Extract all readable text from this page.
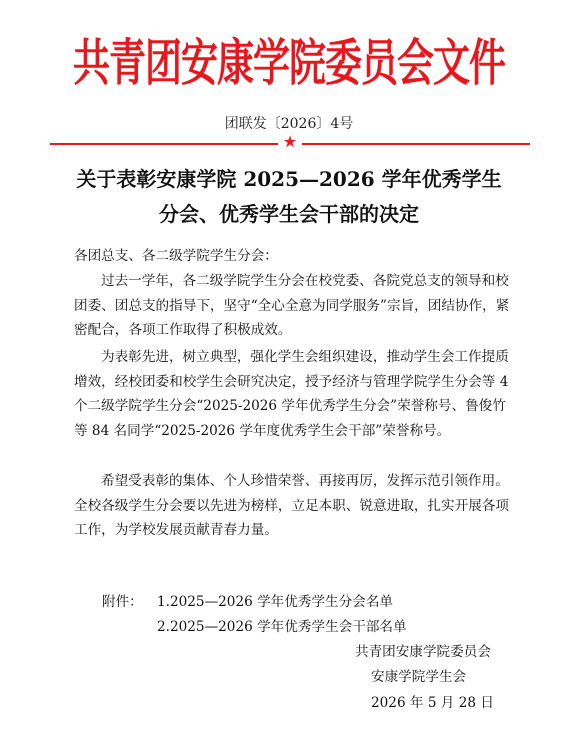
共青团安康学院委员会文件
团联发〔2026〕4号
★
关于表彰安康学院 2025—2026 学年优秀学生
分会、优秀学生会干部的决定
各团总支、各二级学院学生分会：
过去一学年，各二级学院学生分会在校党委、各院党总支的领导和校团委、团总支的指导下，坚守“全心全意为同学服务”宗旨，团结协作，紧密配合，各项工作取得了积极成效。
为表彰先进，树立典型，强化学生会组织建设，推动学生会工作提质增效，经校团委和校学生会研究决定，授予经济与管理学院学生分会等 4 个二级学院学生分会“2025-2026 学年优秀学生分会”荣誉称号、鲁俊竹等 84 名同学“2025-2026 学年度优秀学生会干部”荣誉称号。
希望受表彰的集体、个人珍惜荣誉、再接再厉，发挥示范引领作用。全校各级学生分会要以先进为榜样，立足本职、锐意进取，扎实开展各项工作，为学校发展贡献青春力量。
附件： 1.2025—2026 学年优秀学生分会名单
2.2025—2026 学年优秀学生会干部名单
共青团安康学院委员会
安康学院学生会
2026 年 5 月 28 日
